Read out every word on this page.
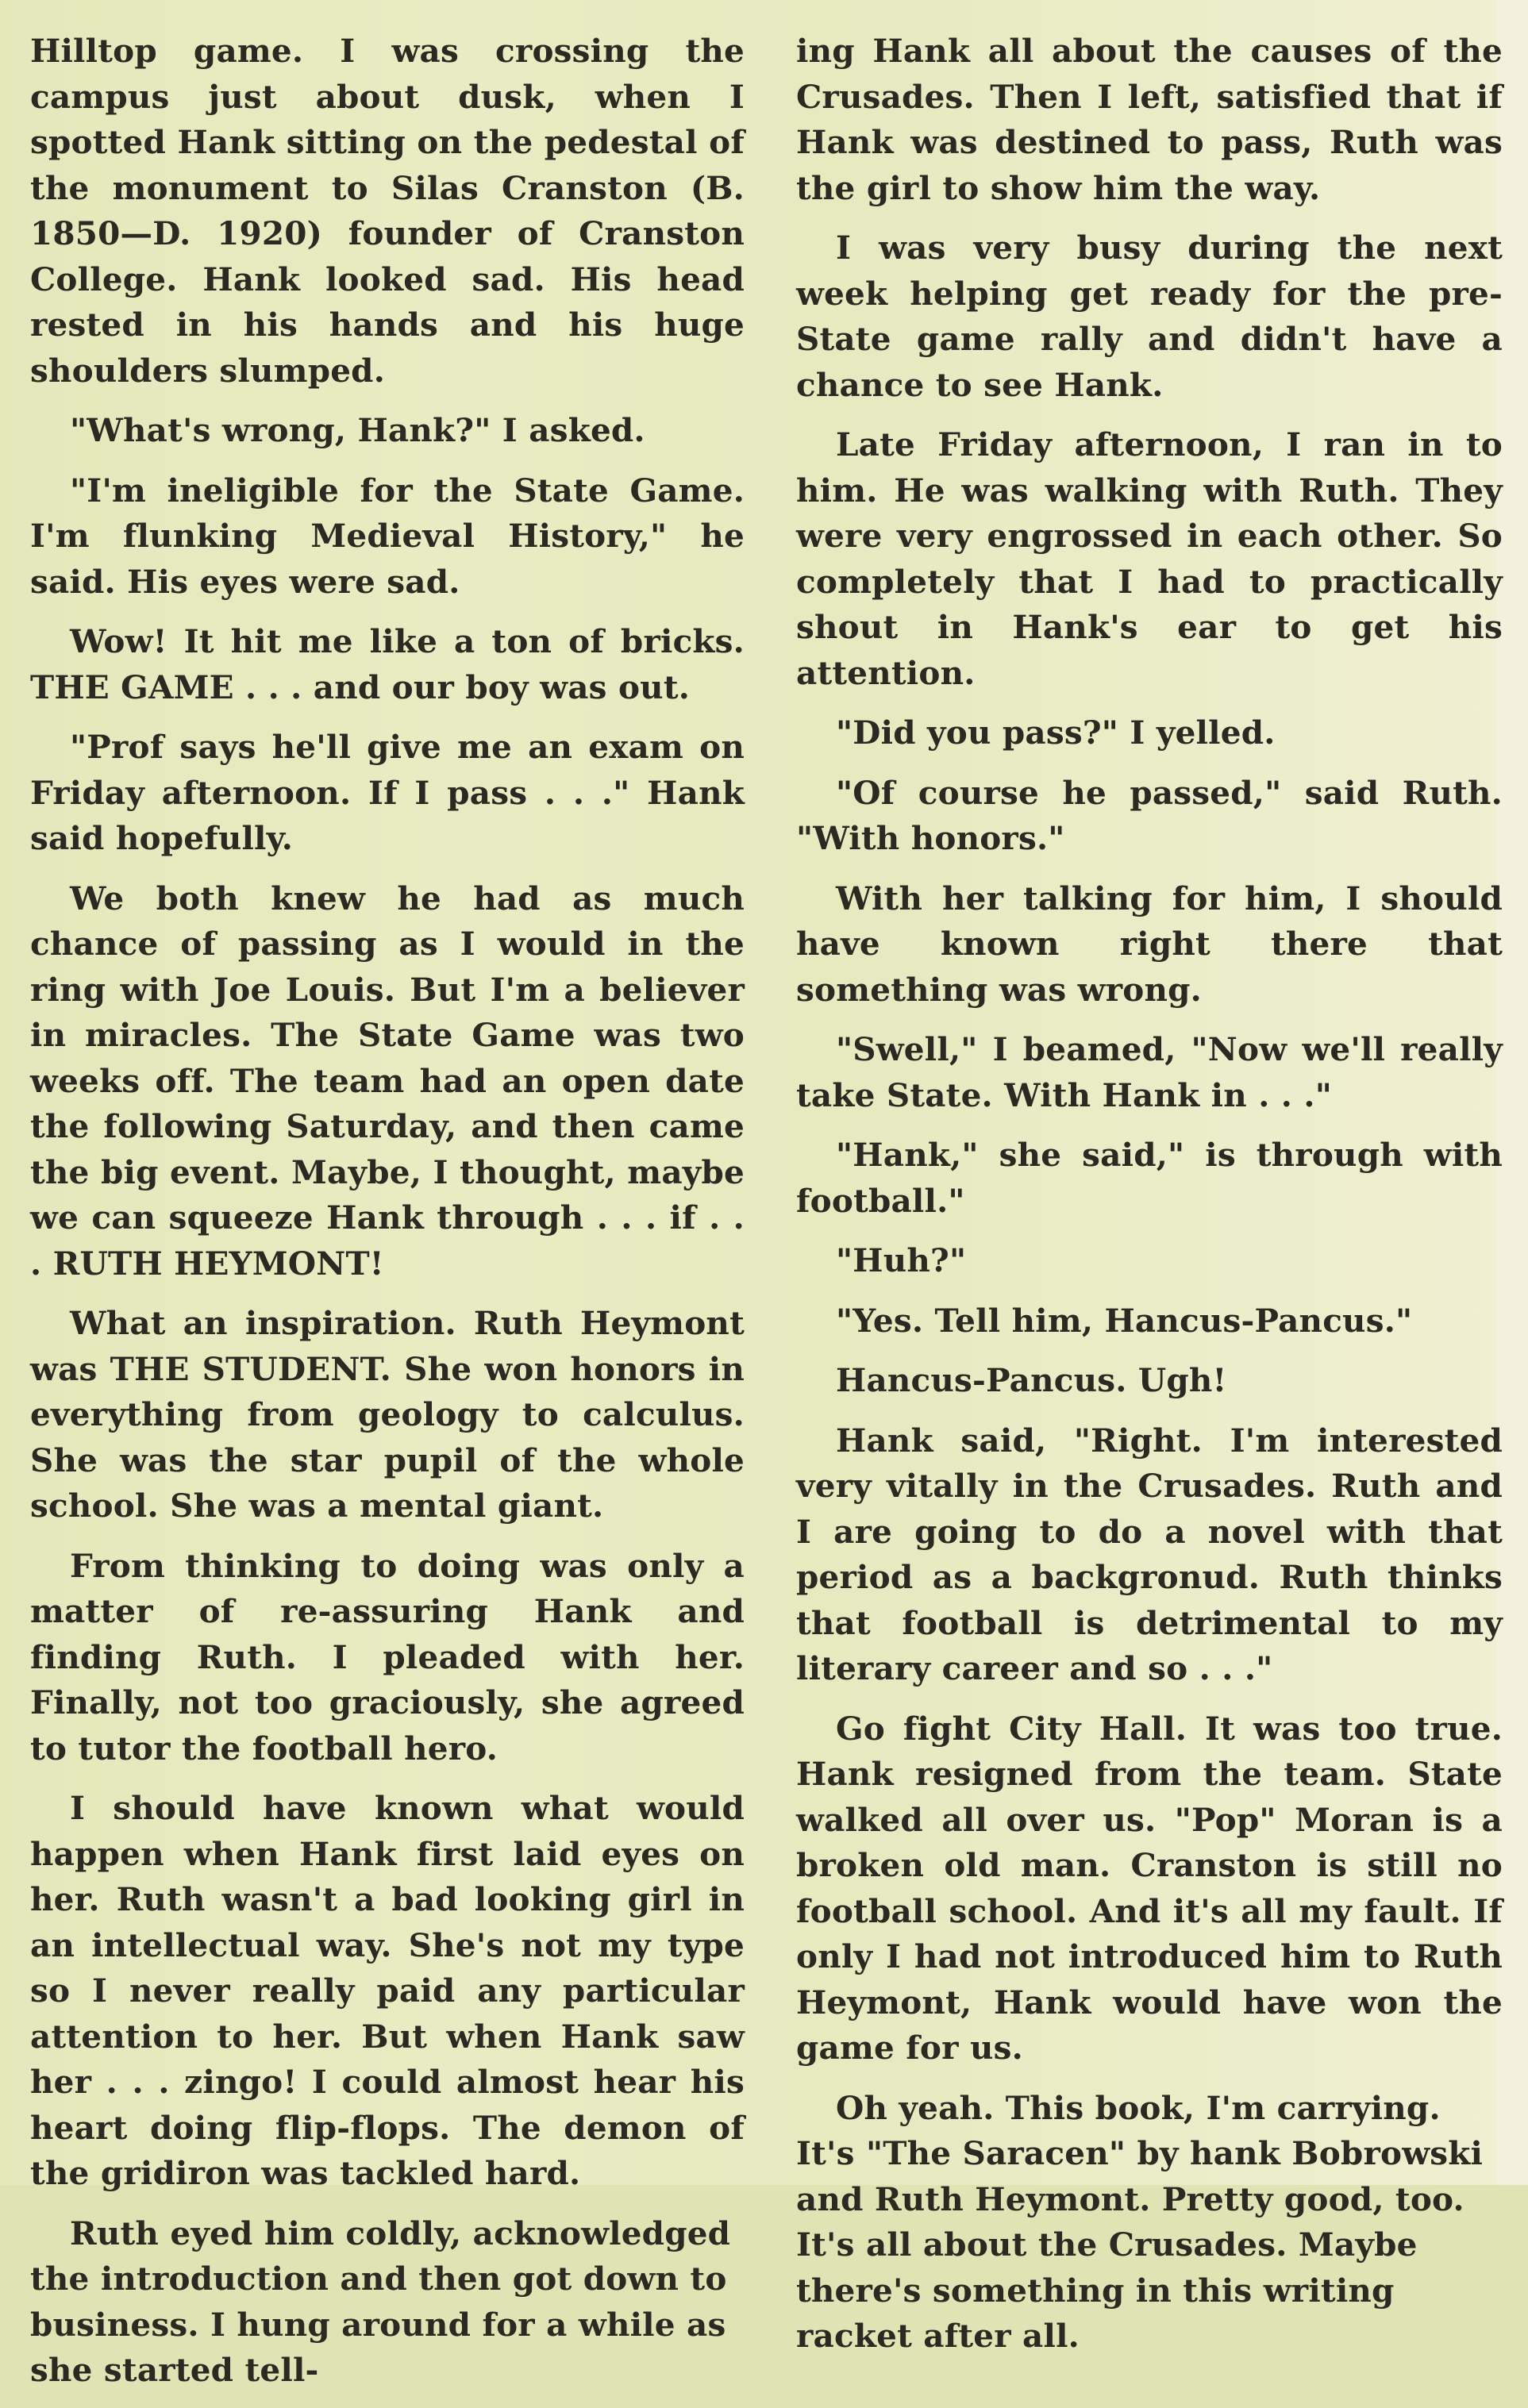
Hilltop game. I was crossing the campus just about dusk, when I spotted Hank sitting on the pedestal of the monument to Silas Cranston (B. 1850—D. 1920) founder of Cranston College. Hank looked sad. His head rested in his hands and his huge shoulders slumped.

"What's wrong, Hank?" I asked.

"I'm ineligible for the State Game. I'm flunking Medieval History," he said. His eyes were sad.

Wow! It hit me like a ton of bricks. THE GAME . . . and our boy was out.

"Prof says he'll give me an exam on Friday afternoon. If I pass . . ." Hank said hopefully.

We both knew he had as much chance of passing as I would in the ring with Joe Louis. But I'm a believer in miracles. The State Game was two weeks off. The team had an open date the following Saturday, and then came the big event. Maybe, I thought, maybe we can squeeze Hank through . . . if . . . RUTH HEYMONT!

What an inspiration. Ruth Heymont was THE STUDENT. She won honors in everything from geology to calculus. She was the star pupil of the whole school. She was a mental giant.

From thinking to doing was only a matter of re-assuring Hank and finding Ruth. I pleaded with her. Finally, not too graciously, she agreed to tutor the football hero.

I should have known what would happen when Hank first laid eyes on her. Ruth wasn't a bad looking girl in an intellectual way. She's not my type so I never really paid any particular attention to her. But when Hank saw her . . . zingo! I could almost hear his heart doing flip-flops. The demon of the gridiron was tackled hard.

Ruth eyed him coldly, acknowledged the introduction and then got down to business. I hung around for a while as she started tell-

ing Hank all about the causes of the Crusades. Then I left, satisfied that if Hank was destined to pass, Ruth was the girl to show him the way.

I was very busy during the next week helping get ready for the pre-State game rally and didn't have a chance to see Hank.

Late Friday afternoon, I ran in to him. He was walking with Ruth. They were very engrossed in each other. So completely that I had to practically shout in Hank's ear to get his attention.

"Did you pass?" I yelled.

"Of course he passed," said Ruth. "With honors."

With her talking for him, I should have known right there that something was wrong.

"Swell," I beamed, "Now we'll really take State. With Hank in . . ."

"Hank," she said," is through with football."

"Huh?"

"Yes. Tell him, Hancus-Pancus."

Hancus-Pancus. Ugh!

Hank said, "Right. I'm interested very vitally in the Crusades. Ruth and I are going to do a novel with that period as a backgronud. Ruth thinks that football is detrimental to my literary career and so . . ."

Go fight City Hall. It was too true. Hank resigned from the team. State walked all over us. "Pop" Moran is a broken old man. Cranston is still no football school. And it's all my fault. If only I had not introduced him to Ruth Heymont, Hank would have won the game for us.

Oh yeah. This book, I'm carrying. It's "The Saracen" by hank Bobrowski and Ruth Heymont. Pretty good, too. It's all about the Crusades. Maybe there's something in this writing racket after all.
